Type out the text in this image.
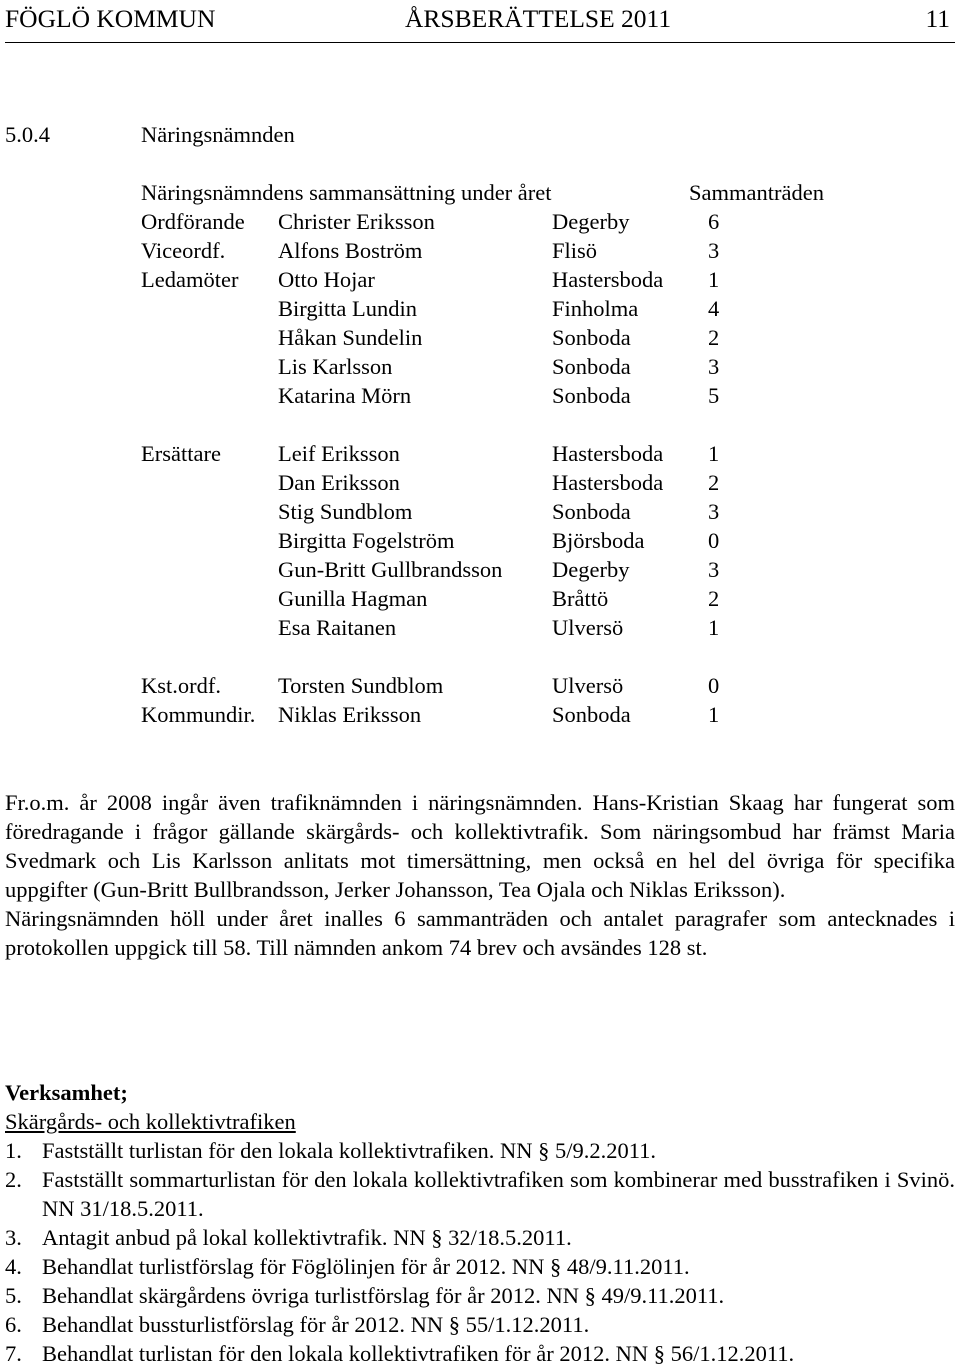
FÖGLÖ KOMMUN	ÅRSBERÄTTELSE 2011	11
5.0.4	Näringsnämnden
Näringsnämndens sammansättning under året	Sammanträden
Ordförande Christer Eriksson	Degerby	6
Viceordf. Alfons Boström	Flisö	3
Ledamöter Otto Hojar	Hastersboda 1
Birgitta Lundin	Finholma	4
Håkan Sundelin	Sonboda	2
Lis Karlsson	Sonboda	3
Katarina Mörn	Sonboda	5
Ersättare	Leif Eriksson	Hastersboda 1
Dan Eriksson	Hastersboda 2
Stig Sundblom	Sonboda	3
Birgitta Fogelström	Björsboda	0
Gun-Britt Gullbrandsson Degerby	3
Gunilla Hagman	Bråttö	2
Esa Raitanen	Ulversö	1
Kst.ordf.	Torsten Sundblom	Ulversö	0
Kommundir. Niklas Eriksson	Sonboda	1

Fr.o.m. år 2008 ingår även trafiknämnden i näringsnämnden. Hans-Kristian Skaag har fungerat som föredragande i frågor gällande skärgårds- och kollektivtrafik. Som näringsombud har främst Maria Svedmark och Lis Karlsson anlitats mot timersättning, men också en hel del övriga för specifika uppgifter (Gun-Britt Bullbrandsson, Jerker Johansson, Tea Ojala och Niklas Eriksson).

Näringsnämnden höll under året inalles 6 sammanträden och antalet paragrafer som antecknades i protokollen uppgick till 58. Till nämnden ankom 74 brev och avsändes 128 st.

Verksamhet;
Skärgårds- och kollektivtrafiken
1. Fastställt turlistan för den lokala kollektivtrafiken. NN § 5/9.2.2011.
2. Fastställt sommarturlistan för den lokala kollektivtrafiken som kombinerar med busstrafiken i Svinö. NN 31/18.5.2011.
3. Antagit anbud på lokal kollektivtrafik. NN § 32/18.5.2011.
4. Behandlat turlistförslag för Föglölinjen för år 2012. NN § 48/9.11.2011.
5. Behandlat skärgårdens övriga turlistförslag för år 2012. NN § 49/9.11.2011.
6. Behandlat bussturlistförslag för år 2012. NN § 55/1.12.2011.
7. Behandlat turlistan för den lokala kollektivtrafiken för år 2012. NN § 56/1.12.2011.
